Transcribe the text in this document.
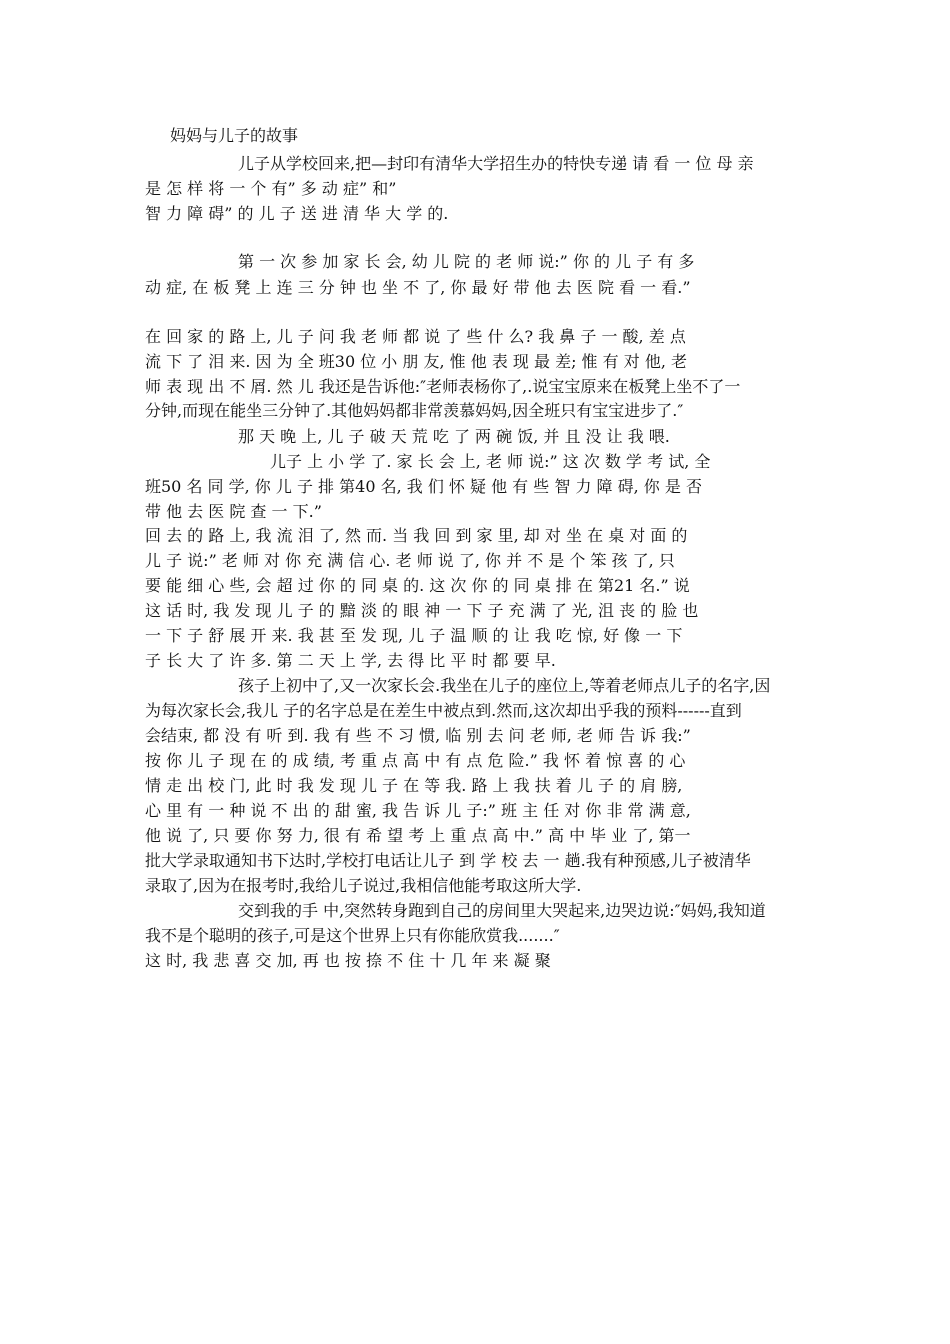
妈妈与儿子的故事
儿子从学校回来,把—封印有清华大学招生办的特快专递 请 看 一 位 母 亲
是 怎 样 将 一 个 有” 多 动 症” 和”
智 力 障 碍” 的 儿 子 送 进 清 华 大 学 的.
第 一 次 参 加 家 长 会, 幼 儿 院 的 老 师 说:” 你 的 儿 子 有 多
动 症, 在 板 凳 上 连 三 分 钟 也 坐 不 了, 你 最 好 带 他 去 医 院 看 一 看.”
在 回 家 的 路 上, 儿 子 问 我 老 师 都 说 了 些 什 么? 我 鼻 子 一 酸, 差 点
流 下 了 泪 来. 因 为 全 班30 位 小 朋 友, 惟 他 表 现 最 差; 惟 有 对 他, 老
师 表 现 出 不 屑. 然 儿 我还是告诉他:″老师表杨你了,.说宝宝原来在板凳上坐不了一
分钟,而现在能坐三分钟了.其他妈妈都非常羡慕妈妈,因全班只有宝宝进步了.″
那 天 晚 上, 儿 子 破 天 荒 吃 了 两 碗 饭, 并 且 没 让 我 喂.
儿子 上 小 学 了. 家 长 会 上, 老 师 说:” 这 次 数 学 考 试, 全
班50 名 同 学, 你 儿 子 排 第40 名, 我 们 怀 疑 他 有 些 智 力 障 碍, 你 是 否
带 他 去 医 院 查 一 下.”
回 去 的 路 上, 我 流 泪 了, 然 而. 当 我 回 到 家 里, 却 对 坐 在 桌 对 面 的
儿 子 说:” 老 师 对 你 充 满 信 心. 老 师 说 了, 你 并 不 是 个 笨 孩 了, 只
要 能 细 心 些, 会 超 过 你 的 同 桌 的. 这 次 你 的 同 桌 排 在 第21 名.” 说
这 话 时, 我 发 现 儿 子 的 黯 淡 的 眼 神 一 下 子 充 满 了 光, 沮 丧 的 脸 也
一 下 子 舒 展 开 来. 我 甚 至 发 现, 儿 子 温 顺 的 让 我 吃 惊, 好 像 一 下
子 长 大 了 许 多. 第 二 天 上 学, 去 得 比 平 时 都 要 早.
孩子上初中了,又一次家长会.我坐在儿子的座位上,等着老师点儿子的名字,因
为每次家长会,我儿 子的名字总是在差生中被点到.然而,这次却出乎我的预料------直到
会结束, 都 没 有 听 到. 我 有 些 不 习 惯, 临 别 去 问 老 师, 老 师 告 诉 我:”
按 你 儿 子 现 在 的 成 绩, 考 重 点 高 中 有 点 危 险.” 我 怀 着 惊 喜 的 心
情 走 出 校 门, 此 时 我 发 现 儿 子 在 等 我. 路 上 我 扶 着 儿 子 的 肩 膀,
心 里 有 一 种 说 不 出 的 甜 蜜, 我 告 诉 儿 子:” 班 主 任 对 你 非 常 满 意,
他 说 了, 只 要 你 努 力, 很 有 希 望 考 上 重 点 高 中.” 高 中 毕 业 了, 第一
批大学录取通知书下达时,学校打电话让儿子 到 学 校 去 一 趟.我有种预感,儿子被清华
录取了,因为在报考时,我给儿子说过,我相信他能考取这所大学.
交到我的手 中,突然转身跑到自己的房间里大哭起来,边哭边说:″妈妈,我知道
我不是个聪明的孩子,可是这个世界上只有你能欣赏我.......″
这 时, 我 悲 喜 交 加, 再 也 按 捺 不 住 十 几 年 来 凝 聚
